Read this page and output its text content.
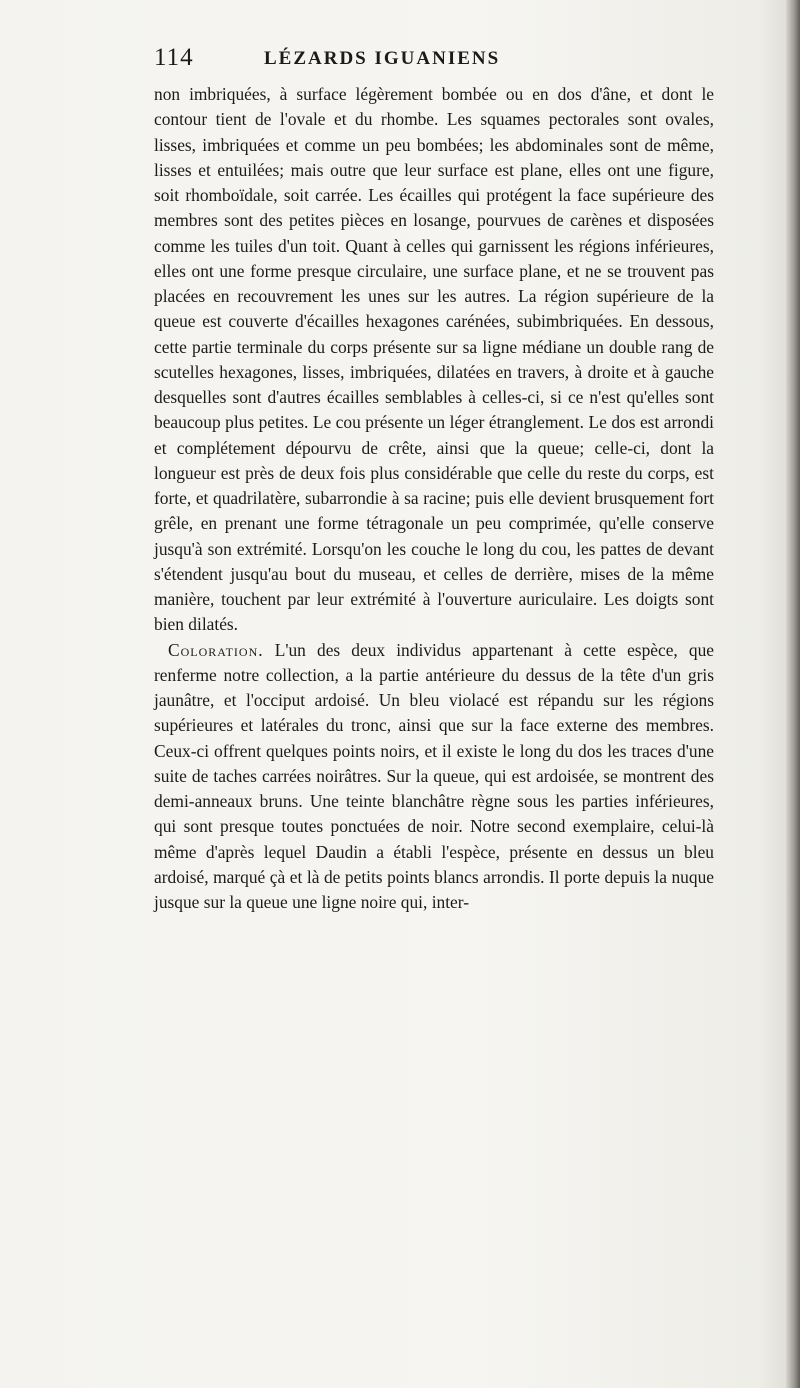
114	LÉZARDS IGUANIENS

non imbriquées, à surface légèrement bombée ou en dos d'âne, et dont le contour tient de l'ovale et du rhombe. Les squames pectorales sont ovales, lisses, imbriquées et comme un peu bombées; les abdominales sont de même, lisses et entuilées; mais outre que leur surface est plane, elles ont une figure, soit rhomboïdale, soit carrée. Les écailles qui protégent la face supérieure des membres sont des petites pièces en losange, pourvues de carènes et disposées comme les tuiles d'un toit. Quant à celles qui garnissent les régions inférieures, elles ont une forme presque circulaire, une surface plane, et ne se trouvent pas placées en recouvrement les unes sur les autres. La région supérieure de la queue est couverte d'écailles hexagones carénées, subimbriquées. En dessous, cette partie terminale du corps présente sur sa ligne médiane un double rang de scutelles hexagones, lisses, imbriquées, dilatées en travers, à droite et à gauche desquelles sont d'autres écailles semblables à celles-ci, si ce n'est qu'elles sont beaucoup plus petites. Le cou présente un léger étranglement. Le dos est arrondi et complétement dépourvu de crête, ainsi que la queue; celle-ci, dont la longueur est près de deux fois plus considérable que celle du reste du corps, est forte, et quadrilatère, subarrondie à sa racine; puis elle devient brusquement fort grêle, en prenant une forme tétragonale un peu comprimée, qu'elle conserve jusqu'à son extrémité. Lorsqu'on les couche le long du cou, les pattes de devant s'étendent jusqu'au bout du museau, et celles de derrière, mises de la même manière, touchent par leur extrémité à l'ouverture auriculaire. Les doigts sont bien dilatés.

Coloration. L'un des deux individus appartenant à cette espèce, que renferme notre collection, a la partie antérieure du dessus de la tête d'un gris jaunâtre, et l'occiput ardoisé. Un bleu violacé est répandu sur les régions supérieures et latérales du tronc, ainsi que sur la face externe des membres. Ceux-ci offrent quelques points noirs, et il existe le long du dos les traces d'une suite de taches carrées noirâtres. Sur la queue, qui est ardoisée, se montrent des demi-anneaux bruns. Une teinte blanchâtre règne sous les parties inférieures, qui sont presque toutes ponctuées de noir. Notre second exemplaire, celui-là même d'après lequel Daudin a établi l'espèce, présente en dessus un bleu ardoisé, marqué çà et là de petits points blancs arrondis. Il porte depuis la nuque jusque sur la queue une ligne noire qui, inter-
